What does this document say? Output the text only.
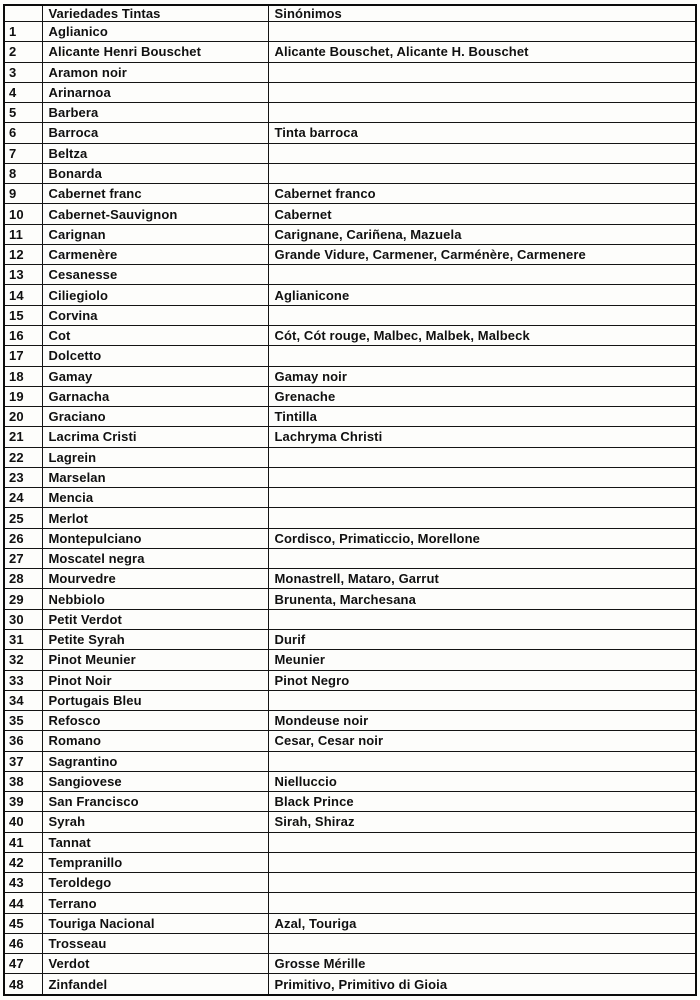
	Variedades Tintas	Sinónimos
1	Aglianico	
2	Alicante Henri Bouschet	Alicante Bouschet, Alicante H. Bouschet
3	Aramon noir	
4	Arinarnoa	
5	Barbera	
6	Barroca	Tinta barroca
7	Beltza	
8	Bonarda	
9	Cabernet franc	Cabernet franco
10	Cabernet-Sauvignon	Cabernet
11	Carignan	Carignane, Cariñena, Mazuela
12	Carmenère	Grande Vidure, Carmener, Carménère, Carmenere
13	Cesanesse	
14	Ciliegiolo	Aglianicone
15	Corvina	
16	Cot	Cót, Cót rouge, Malbec, Malbek, Malbeck
17	Dolcetto	
18	Gamay	Gamay noir
19	Garnacha	Grenache
20	Graciano	Tintilla
21	Lacrima Cristi	Lachryma Christi
22	Lagrein	
23	Marselan	
24	Mencia	
25	Merlot	
26	Montepulciano	Cordisco, Primaticcio, Morellone
27	Moscatel negra	
28	Mourvedre	Monastrell, Mataro, Garrut
29	Nebbiolo	Brunenta, Marchesana
30	Petit Verdot	
31	Petite Syrah	Durif
32	Pinot Meunier	Meunier
33	Pinot Noir	Pinot Negro
34	Portugais Bleu	
35	Refosco	Mondeuse noir
36	Romano	Cesar, Cesar noir
37	Sagrantino	
38	Sangiovese	Nielluccio
39	San Francisco	Black Prince
40	Syrah	Sirah, Shiraz
41	Tannat	
42	Tempranillo	
43	Teroldego	
44	Terrano	
45	Touriga Nacional	Azal, Touriga
46	Trosseau	
47	Verdot	Grosse Mérille
48	Zinfandel	Primitivo, Primitivo di Gioia
